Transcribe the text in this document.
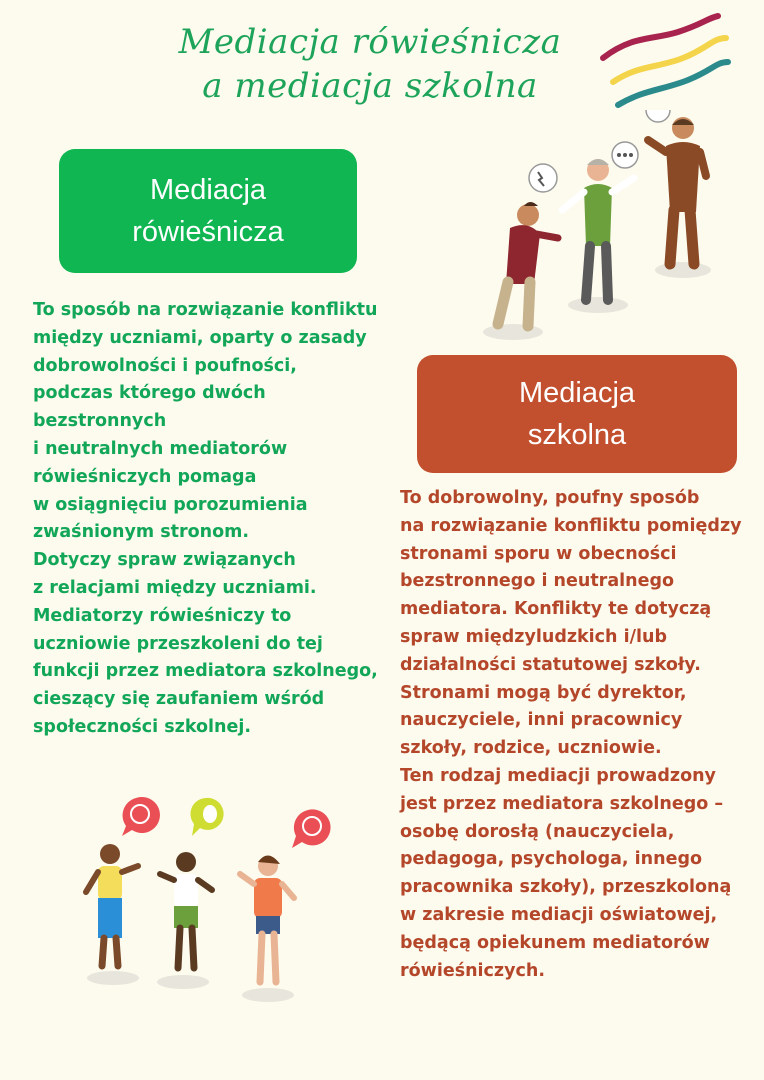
Mediacja rówieśnicza
a mediacja szkolna
Mediacja
rówieśnicza
To sposób na rozwiązanie konfliktu
między uczniami, oparty o zasady
dobrowolności i poufności,
podczas którego dwóch
bezstronnych
i neutralnych mediatorów
rówieśniczych pomaga
w osiągnięciu porozumienia
zwaśnionym stronom.
Dotyczy spraw związanych
z relacjami między uczniami.
Mediatorzy rówieśniczy to
uczniowie przeszkoleni do tej
funkcji przez mediatora szkolnego,
cieszący się zaufaniem wśród
społeczności szkolnej.
Mediacja
szkolna
To dobrowolny, poufny sposób
na rozwiązanie konfliktu pomiędzy
stronami sporu w obecności
bezstronnego i neutralnego
mediatora. Konflikty te dotyczą
spraw międzyludzkich i/lub
działalności statutowej szkoły.
Stronami mogą być dyrektor,
nauczyciele, inni pracownicy
szkoły, rodzice, uczniowie.
Ten rodzaj mediacji prowadzony
jest przez mediatora szkolnego –
osobę dorosłą (nauczyciela,
pedagoga, psychologa, innego
pracownika szkoły), przeszkoloną
w zakresie mediacji oświatowej,
będącą opiekunem mediatorów
rówieśniczych.
